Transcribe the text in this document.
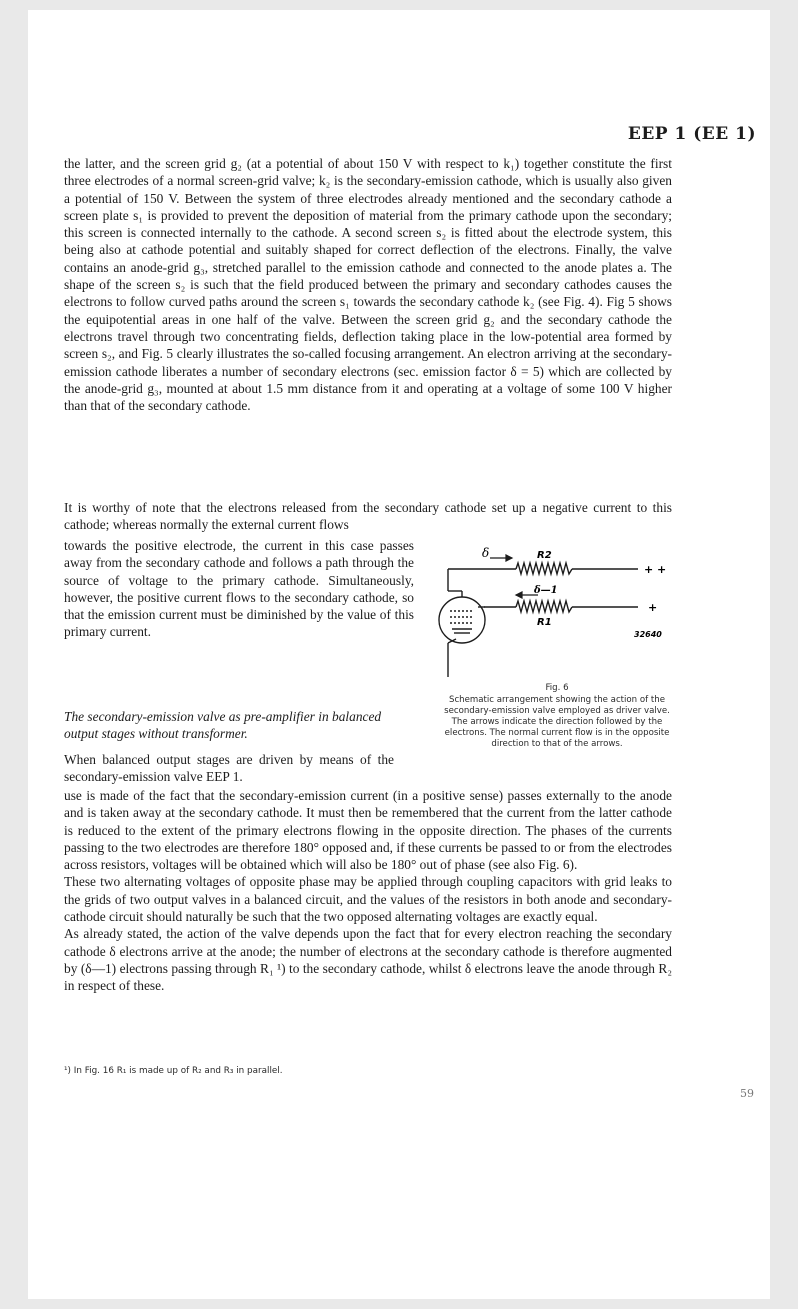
EEP 1 (EE 1)

the latter, and the screen grid g₂ (at a potential of about 150 V with respect to k₁) together constitute the first three electrodes of a normal screen-grid valve; k₂ is the secondary-emission cathode, which is usually also given a potential of 150 V. Between the system of three electrodes already mentioned and the secondary cathode a screen plate s₁ is provided to prevent the deposition of material from the primary cathode upon the secondary; this screen is connected internally to the cathode. A second screen s₂ is fitted about the electrode system, this being also at cathode potential and suitably shaped for correct deflection of the electrons. Finally, the valve contains an anode-grid g₃, stretched parallel to the emission cathode and connected to the anode plates a. The shape of the screen s₂ is such that the field produced between the primary and secondary cathodes causes the electrons to follow curved paths around the screen s₁ towards the secondary cathode k₂ (see Fig. 4). Fig 5 shows the equipotential areas in one half of the valve. Between the screen grid g₂ and the secondary cathode the electrons travel through two concentrating fields, deflection taking place in the low-potential area formed by screen s₂, and Fig. 5 clearly illustrates the so-called focusing arrangement. An electron arriving at the secondary-emission cathode liberates a number of secondary electrons (sec. emission factor δ = 5) which are collected by the anode-grid g₃, mounted at about 1.5 mm distance from it and operating at a voltage of some 100 V higher than that of the secondary cathode.

It is worthy of note that the electrons released from the secondary cathode set up a negative current to this cathode; whereas normally the external current flows

towards the positive electrode, the current in this case passes away from the secondary cathode and follows a path through the source of voltage to the primary cathode. Simultaneously, however, the positive current flows to the secondary cathode, so that the emission current must be diminished by the value of this primary current.

δ	R2
δ—1
R1
+ +
+
32640
Fig. 6
Schematic arrangement showing the action of the secondary-emission valve employed as driver valve. The arrows indicate the direction followed by the electrons. The normal current flow is in the opposite direction to that of the arrows.
The secondary-emission valve as pre-amplifier in balanced output stages without transformer.

When balanced output stages are driven by means of the secondary-emission valve EEP 1.

use is made of the fact that the secondary-emission current (in a positive sense) passes externally to the anode and is taken away at the secondary cathode. It must then be remembered that the current from the latter cathode is reduced to the extent of the primary electrons flowing in the opposite direction. The phases of the currents passing to the two electrodes are therefore 180° opposed and, if these currents be passed to or from the electrodes across resistors, voltages will be obtained which will also be 180° out of phase (see also Fig. 6).

These two alternating voltages of opposite phase may be applied through coupling capacitors with grid leaks to the grids of two output valves in a balanced circuit, and the values of the resistors in both anode and secondary-cathode circuit should naturally be such that the two opposed alternating voltages are exactly equal.

As already stated, the action of the valve depends upon the fact that for every electron reaching the secondary cathode δ electrons arrive at the anode; the number of electrons at the secondary cathode is therefore augmented by (δ—1) electrons passing through R₁ ¹) to the secondary cathode, whilst δ electrons leave the anode through R₂ in respect of these.

¹) In Fig. 16 R₁ is made up of R₂ and R₃ in parallel.
59
